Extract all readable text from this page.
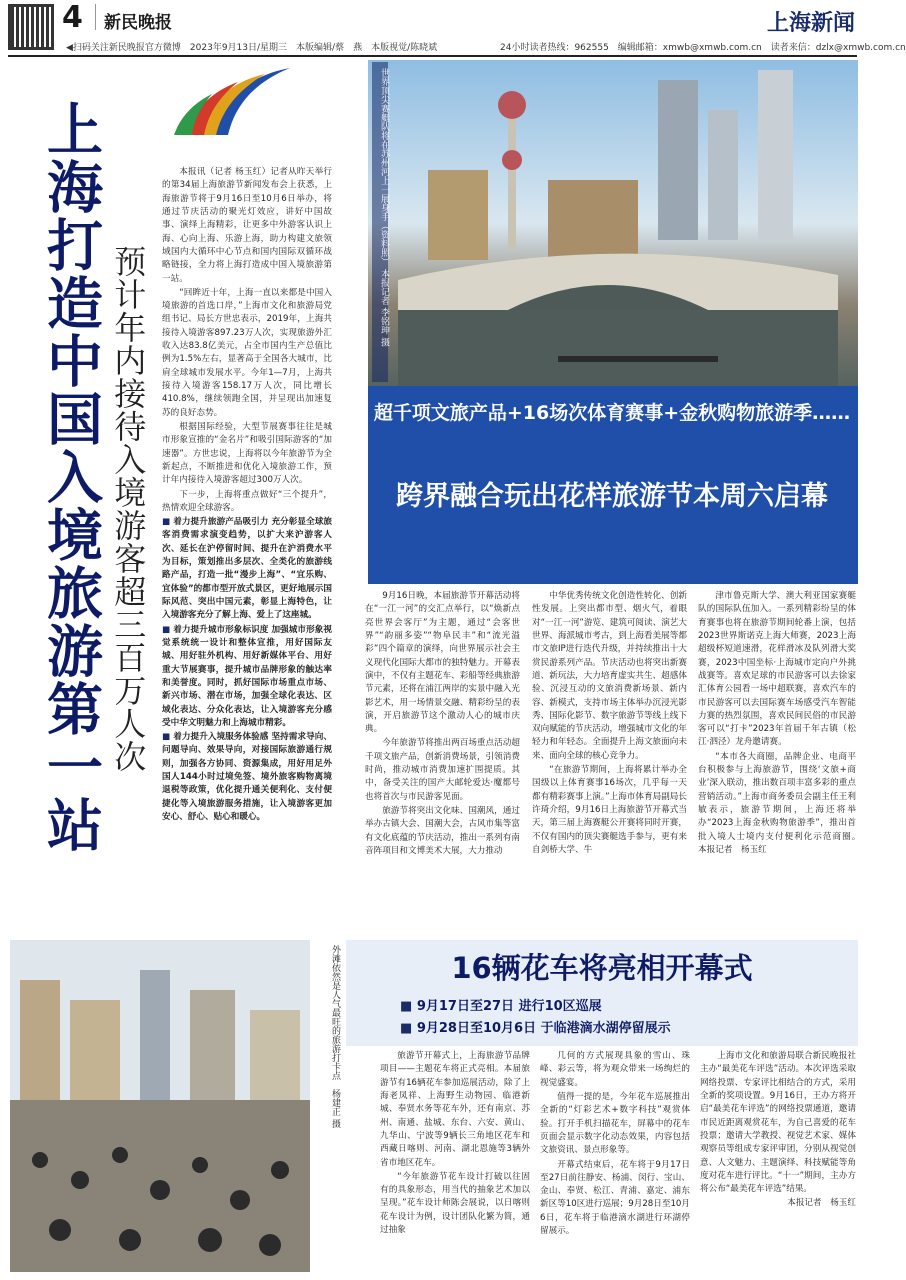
4 新民晚报	上海新闻
◀扫码关注新民晚报官方微博　2023年9月13日/星期三　本版编辑/蔡　燕　本版视觉/陈晓斌	24小时读者热线：962555　编辑邮箱：xmwb@xmwb.com.cn　读者来信：dzlx@xmwb.com.cn
上海打造中国入境旅游第一站 预计年内接待入境游客超三百万人次

本报讯（记者 杨玉红）记者从昨天举行的第34届上海旅游节新闻发布会上获悉，上海旅游节将于9月16日至10月6日举办，将通过节庆活动的聚光灯效应，讲好中国故事、演绎上海精彩，让更多中外游客认识上海、心向上海、乐游上海，助力构建文旅领域国内大循环中心节点和国内国际双循环战略链接，全力将上海打造成中国入境旅游第一站。

“回眸近十年，上海一直以来都是中国入境旅游的首选口岸，”上海市文化和旅游局党组书记、局长方世忠表示，2019年，上海共接待入境游客897.23万人次，实现旅游外汇收入达83.8亿美元，占全市国内生产总值比例为1.5%左右，显著高于全国各大城市，比肩全球城市发展水平。今年1—7月，上海共接待入境游客158.17万人次，同比增长410.8%，继续领跑全国，并呈现出加速复苏的良好态势。

根据国际经验，大型节展赛事往往是城市形象宣推的“金名片”和吸引国际游客的“加速器”。方世忠说，上海将以今年旅游节为全新起点，不断推进和优化入境旅游工作，预计年内接待入境游客超过300万人次。

下一步，上海将重点做好“三个提升”，热情欢迎全球游客。

■ 着力提升旅游产品吸引力 充分彰显全球旅客消费需求演变趋势，以扩大来沪游客人次、延长在沪停留时间、提升在沪消费水平为目标，策划推出多层次、全类化的旅游线路产品，打造一批“漫步上海”、“宜乐购、宜体验”的都市型开放式景区，更好地展示国际风范、突出中国元素，彰显上海特色，让入境游客充分了解上海、爱上了这座城。

■ 着力提升城市形象标识度 加强城市形象视觉系统统一设计和整体宣推，用好国际友城、用好驻外机构、用好新媒体平台、用好重大节展赛事，提升城市品牌形象的触达率和美誉度。同时，抓好国际市场重点市场、新兴市场、潜在市场，加强全球化表达、区域化表达、分众化表达，让入境游客充分感受中华文明魅力和上海城市精彩。

■ 着力提升入境服务体验感 坚持需求导向、问题导向、效果导向，对接国际旅游通行规则，加强各方协同、资源集成，用好用足外国人144小时过境免签、境外旅客购物离境退税等政策，优化提升通关便利化、支付便捷化等入境旅游服务措施，让入境游客更加安心、舒心、贴心和暖心。

世界顶尖赛艇队将在苏州河上一展身手（资料照） 本报记者 李铭珅 摄
超千项文旅产品+16场次体育赛事+金秋购物旅游季……
跨界融合玩出花样旅游节本周六启幕

9月16日晚，本届旅游节开幕活动将在“一江一河”的交汇点举行，以“焕新点亮世界会客厅”为主题，通过“会客世界”“韵丽多姿”“物阜民丰”和“流光溢彩”四个篇章的演绎，向世界展示社会主义现代化国际大都市的独特魅力。开幕表演中，不仅有主题花车、彩船等经典旅游节元素，还将在浦江两岸的实景中融入光影艺术，用一场情景交融、精彩纷呈的表演，开启旅游节这个激动人心的城市庆典。

今年旅游节将推出两百场重点活动超千项文旅产品，创新消费场景，引领消费时尚，推动城市消费加速扩围提质。其中，备受关注的国产大邮轮爱达·魔都号也将首次与市民游客见面。

旅游节将突出文化味、国潮风，通过举办古镇大会、国潮大会，古风市集等富有文化底蕴的节庆活动，推出一系列有南音阵项目和文博美术大展，大力推动

中华优秀传统文化创造性转化、创新性发展。上突出都市型、烟火气，着眼对“一江一河”游览、建筑可阅读、演艺大世界、海派城市考古，到上海看美展等都市文旅IP进行迭代升级，并持续推出十大赏民游系列产品。节庆活动也将突出新赛道、新玩法，大力培育虚实共生、超感体验、沉浸互动的文旅消费新场景、新内容、新模式，支持市场主体举办沉浸光影秀、国际化影节、数字旅游节等线上线下双向赋能的节庆活动，增强城市文化的年轻力和年轻态。全面提升上海文旅面向未来、面向全球的核心竞争力。

“在旅游节期间，上海将累计举办全国级以上体育赛事16场次，几乎每一天都有精彩赛事上演。”上海市体育局副局长许琦介绍，9月16日上海旅游节开幕式当天，第三届上海赛艇公开赛将同时开赛，不仅有国内的顶尖赛艇选手参与，更有来自剑桥大学、牛

津市鲁克斯大学、澳大利亚国家赛艇队的国际队伍加入。一系列精彩纷呈的体育赛事也将在旅游节期间轮番上演，包括2023世界斯诺克上海大师赛，2023上海超级杯短道速滑，花样滑冰及队列滑大奖赛，2023中国坐标·上海城市定向户外挑战赛等。喜欢足球的市民游客可以去徐家汇体育公园看一场中超联赛，喜欢汽车的市民游客可以去国际赛车场感受汽车智能力赛的热烈氛围，喜欢民间民俗的市民游客可以“打卡”2023年首届千年古镇（松江·泗泾）龙舟邀请赛。

“本市各大商圈，品牌企业、电商平台积极参与上海旅游节，围绕‘文旅+商业’深入联动，推出数百项丰富多彩的重点营销活动。”上海市商务委员会副主任王利敏表示，旅游节期间，上海还将举办“2023上海金秋购物旅游季”，推出首批入境人士境内支付便利化示范商圈。　本报记者　杨玉红

外滩依然是人气最旺的旅游打卡点　杨建正 摄	16辆花车将亮相开幕式
■ 9月17日至27日 进行10区巡展
■ 9月28日至10月6日 于临港滴水湖停留展示

旅游节开幕式上，上海旅游节品牌项目——主题花车将正式亮相。本届旅游节有16辆花车参加巡展活动，除了上海老凤祥、上海野生动物园、临港新城、奉贤水务等花车外，还有南京、苏州、南通、盐城、东台、六安、黄山、九华山、宁波等9辆长三角地区花车和西藏日喀则、河南、湖北恩施等3辆外省市地区花车。

“今年旅游节花车设计打破以往固有的具象形态，用当代的抽象艺术加以呈现。”花车设计师陈会展说，以日喀则花车设计为例，设计团队化繁为简，通过抽象

几何的方式展现具象的雪山、珠峰、彩云等，将为观众带来一场绚烂的视觉盛宴。

值得一提的是，今年花车巡展推出全新的“灯彩艺术+数字科技”观赏体验。打开手机扫描花车，屏幕中的花车页面会显示数字化动态效果，内容包括文旅资讯、景点形象等。

开幕式结束后，花车将于9月17日至27日前往静安、杨浦、闵行、宝山、金山、奉贤、松江、青浦、嘉定、浦东新区等10区进行巡展；9月28日至10月6日，花车将于临港滴水湖进行环湖停留展示。

上海市文化和旅游局联合新民晚报社主办“最美花车评选”活动。本次评选采取网络投票、专家评比相结合的方式，采用全新的奖项设置。9月16日，王办方将开启“最美花车评选”的网络投票通道，邀请市民近距离观赏花车，为自己喜爱的花车投票；邀请大学教授、视觉艺术家、媒体观察员等组成专家评审团，分别从视觉创意、人文魅力、主题演绎、科技赋能等角度对花车进行评比。“十一”期间，主办方将公布“最美花车评选”结果。

本报记者　杨玉红
